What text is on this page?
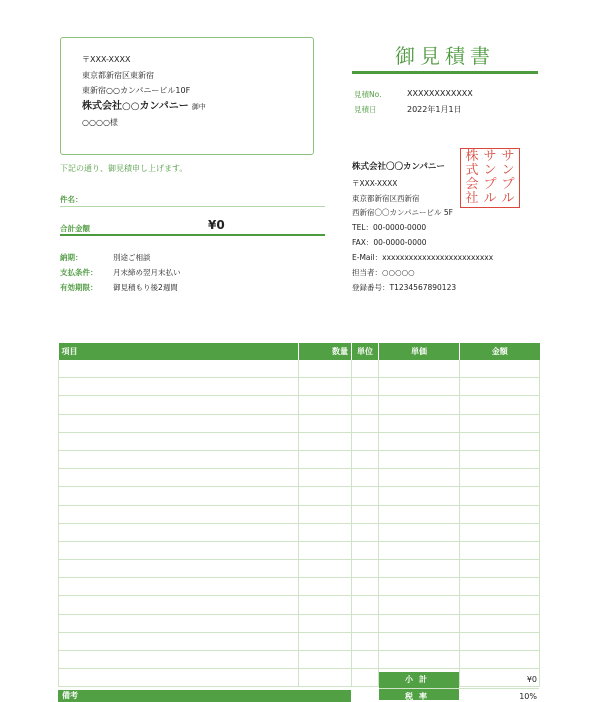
〒XXX-XXXX
東京都新宿区東新宿
東新宿○○カンパニービル10F
株式会社○○カンパニー 御中
○○○○様
御見積書
見積No.	XXXXXXXXXXXX
見積日	2022年1月1日
下記の通り、御見積申し上げます。
件名：
合計金額	¥0
納期：	別途ご相談
支払条件： 月末締め翌月末払い
有効期限： 御見積もり後2週間
株式会社〇〇カンパニー
〒XXX-XXXX
東京都新宿区西新宿
西新宿〇〇カンパニービル 5F
TEL：00-0000-0000
FAX：00-0000-0000
E-Mail：xxxxxxxxxxxxxxxxxxxxxxxxx
担当者：○○○○○
登録番号：T1234567890123
株
式
会
社
サ
ン
プ
ル
サ
ン
プ
ル
項目	数量	単位	単価	金額

小計	¥0
税率	10%
備考
